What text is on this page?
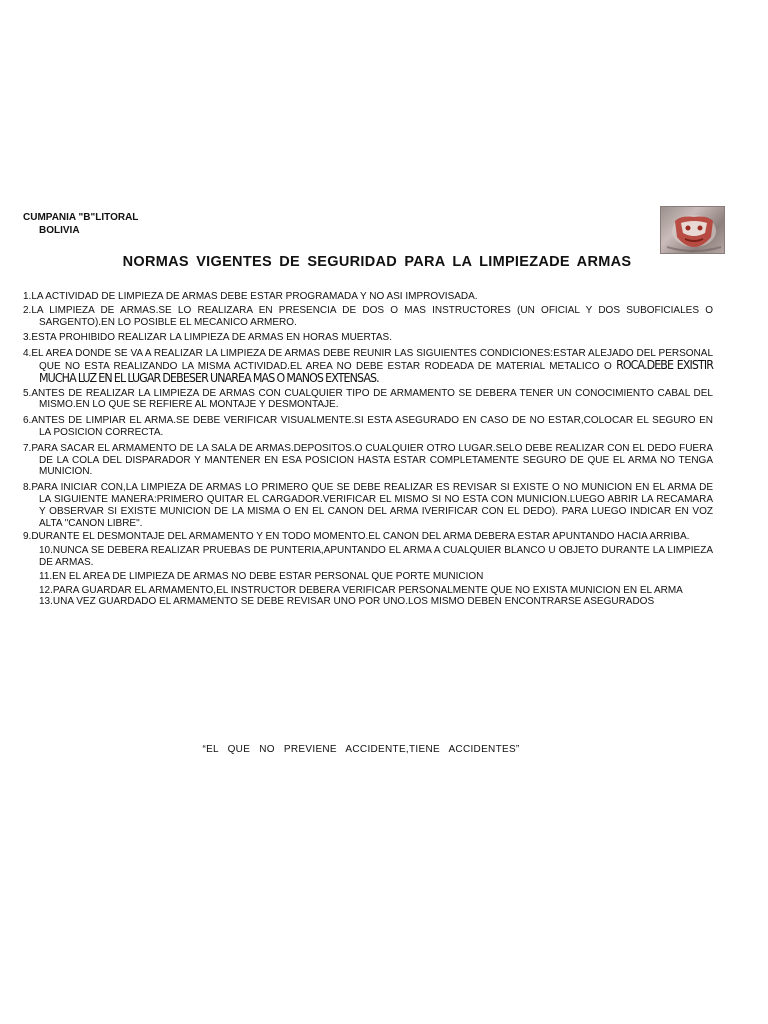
CUMPANIA "B"LITORAL
BOLIVIA
NORMAS VIGENTES DE SEGURIDAD PARA LA LIMPIEZADE ARMAS
1.LA ACTIVIDAD DE LIMPIEZA DE ARMAS DEBE ESTAR PROGRAMADA Y NO ASI IMPROVISADA.
2.LA LIMPIEZA DE ARMAS.SE LO REALIZARA EN PRESENCIA DE DOS O MAS INSTRUCTORES (UN OFICIAL Y DOS SUBOFICIALES O SARGENTO).EN LO POSIBLE EL MECANICO ARMERO.
3.ESTA PROHIBIDO REALIZAR LA LIMPIEZA DE ARMAS EN HORAS MUERTAS.
4.EL AREA DONDE SE VA A REALIZAR LA LIMPIEZA DE ARMAS DEBE REUNIR LAS SIGUIENTES CONDICIONES:ESTAR ALEJADO DEL PERSONAL QUE NO ESTA REALIZANDO LA MISMA ACTIVIDAD.EL AREA NO DEBE ESTAR RODEADA DE MATERIAL METALICO O ROCA.DEBE EXISTIR MUCHA LUZ EN EL LUGAR DEBESER UNAREA MAS O MANOS EXTENSAS.
5.ANTES DE REALIZAR LA LIMPIEZA DE ARMAS CON CUALQUIER TIPO DE ARMAMENTO SE DEBERA TENER UN CONOCIMIENTO CABAL DEL MISMO.EN LO QUE SE REFIERE AL MONTAJE Y DESMONTAJE.
6.ANTES DE LIMPIAR EL ARMA.SE DEBE VERIFICAR VISUALMENTE.SI ESTA ASEGURADO EN CASO DE NO ESTAR,COLOCAR EL SEGURO EN LA POSICION CORRECTA.
7.PARA SACAR EL ARMAMENTO DE LA SALA DE ARMAS.DEPOSITOS.O CUALQUIER OTRO LUGAR.SELO DEBE REALIZAR CON EL DEDO FUERA DE LA COLA DEL DISPARADOR Y MANTENER EN ESA POSICION HASTA ESTAR COMPLETAMENTE SEGURO DE QUE EL ARMA NO TENGA MUNICION.
8.PARA INICIAR CON,LA LIMPIEZA DE ARMAS LO PRIMERO QUE SE DEBE REALIZAR ES REVISAR SI EXISTE O NO MUNICION EN EL ARMA DE LA SIGUIENTE MANERA:PRIMERO QUITAR EL CARGADOR.VERIFICAR EL MISMO SI NO ESTA CON MUNICION.LUEGO ABRIR LA RECAMARA Y OBSERVAR SI EXISTE MUNICION DE LA MISMA O EN EL CANON DEL ARMA IVERIFICAR CON EL DEDO). PARA LUEGO INDICAR EN VOZ ALTA "CANON LIBRE".
9.DURANTE EL DESMONTAJE DEL ARMAMENTO Y EN TODO MOMENTO.EL CANON DEL ARMA DEBERA ESTAR APUNTANDO HACIA ARRIBA.
10.NUNCA SE DEBERA REALIZAR PRUEBAS DE PUNTERIA,APUNTANDO EL ARMA A CUALQUIER BLANCO U OBJETO DURANTE LA LIMPIEZA DE ARMAS.
11.EN EL AREA DE LIMPIEZA DE ARMAS NO DEBE ESTAR PERSONAL QUE PORTE MUNICION
12.PARA GUARDAR EL ARMAMENTO,EL INSTRUCTOR DEBERA VERIFICAR PERSONALMENTE QUE NO EXISTA MUNICION EN EL ARMA
13.UNA VEZ GUARDADO EL ARMAMENTO SE DEBE REVISAR UNO POR UNO.LOS MISMO DEBEN ENCONTRARSE ASEGURADOS
“EL QUE NO PREVIENE ACCIDENTE,TIENE ACCIDENTES”
